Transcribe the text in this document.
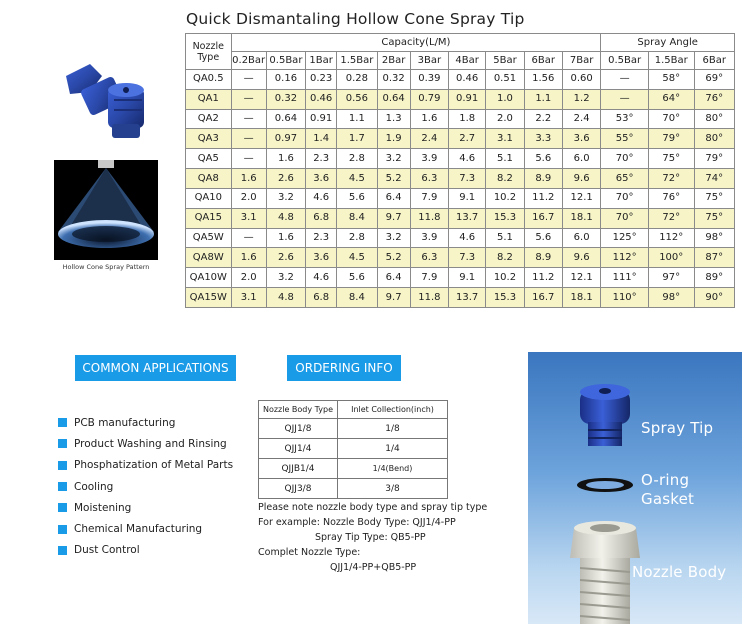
Quick Dismantaling Hollow Cone Spray Tip
Hollow Cone Spray Pattern
Nozzle Type	Capacity(L/M)										Spray Angle		
	0.2Bar	0.5Bar	1Bar	1.5Bar	2Bar	3Bar	4Bar	5Bar	6Bar	7Bar	0.5Bar	1.5Bar	6Bar
QA0.5	—	0.16	0.23	0.28	0.32	0.39	0.46	0.51	1.56	0.60	—	58°	69°
QA1	—	0.32	0.46	0.56	0.64	0.79	0.91	1.0	1.1	1.2	—	64°	76°
QA2	—	0.64	0.91	1.1	1.3	1.6	1.8	2.0	2.2	2.4	53°	70°	80°
QA3	—	0.97	1.4	1.7	1.9	2.4	2.7	3.1	3.3	3.6	55°	79°	80°
QA5	—	1.6	2.3	2.8	3.2	3.9	4.6	5.1	5.6	6.0	70°	75°	79°
QA8	1.6	2.6	3.6	4.5	5.2	6.3	7.3	8.2	8.9	9.6	65°	72°	74°
QA10	2.0	3.2	4.6	5.6	6.4	7.9	9.1	10.2	11.2	12.1	70°	76°	75°
QA15	3.1	4.8	6.8	8.4	9.7	11.8	13.7	15.3	16.7	18.1	70°	72°	75°
QA5W	—	1.6	2.3	2.8	3.2	3.9	4.6	5.1	5.6	6.0	125°	112°	98°
QA8W	1.6	2.6	3.6	4.5	5.2	6.3	7.3	8.2	8.9	9.6	112°	100°	87°
QA10W	2.0	3.2	4.6	5.6	6.4	7.9	9.1	10.2	11.2	12.1	111°	97°	89°
QA15W	3.1	4.8	6.8	8.4	9.7	11.8	13.7	15.3	16.7	18.1	110°	98°	90°
COMMON APPLICATIONS
PCB manufacturing
Product Washing and Rinsing
Phosphatization of Metal Parts
Cooling
Moistening
Chemical Manufacturing
Dust Control
ORDERING INFO
Nozzle Body Type	Inlet Collection(inch)
QJJ1/8	1/8
QJJ1/4	1/4
QJJB1/4	1/4(Bend)
QJJ3/8	3/8
Please note nozzle body type and spray tip type
For example: Nozzle Body Type: QJJ1/4-PP
Spray Tip Type: QB5-PP
Complet Nozzle Type:
QJJ1/4-PP+QB5-PP
Spray Tip
O-ring
Gasket
Nozzle Body
